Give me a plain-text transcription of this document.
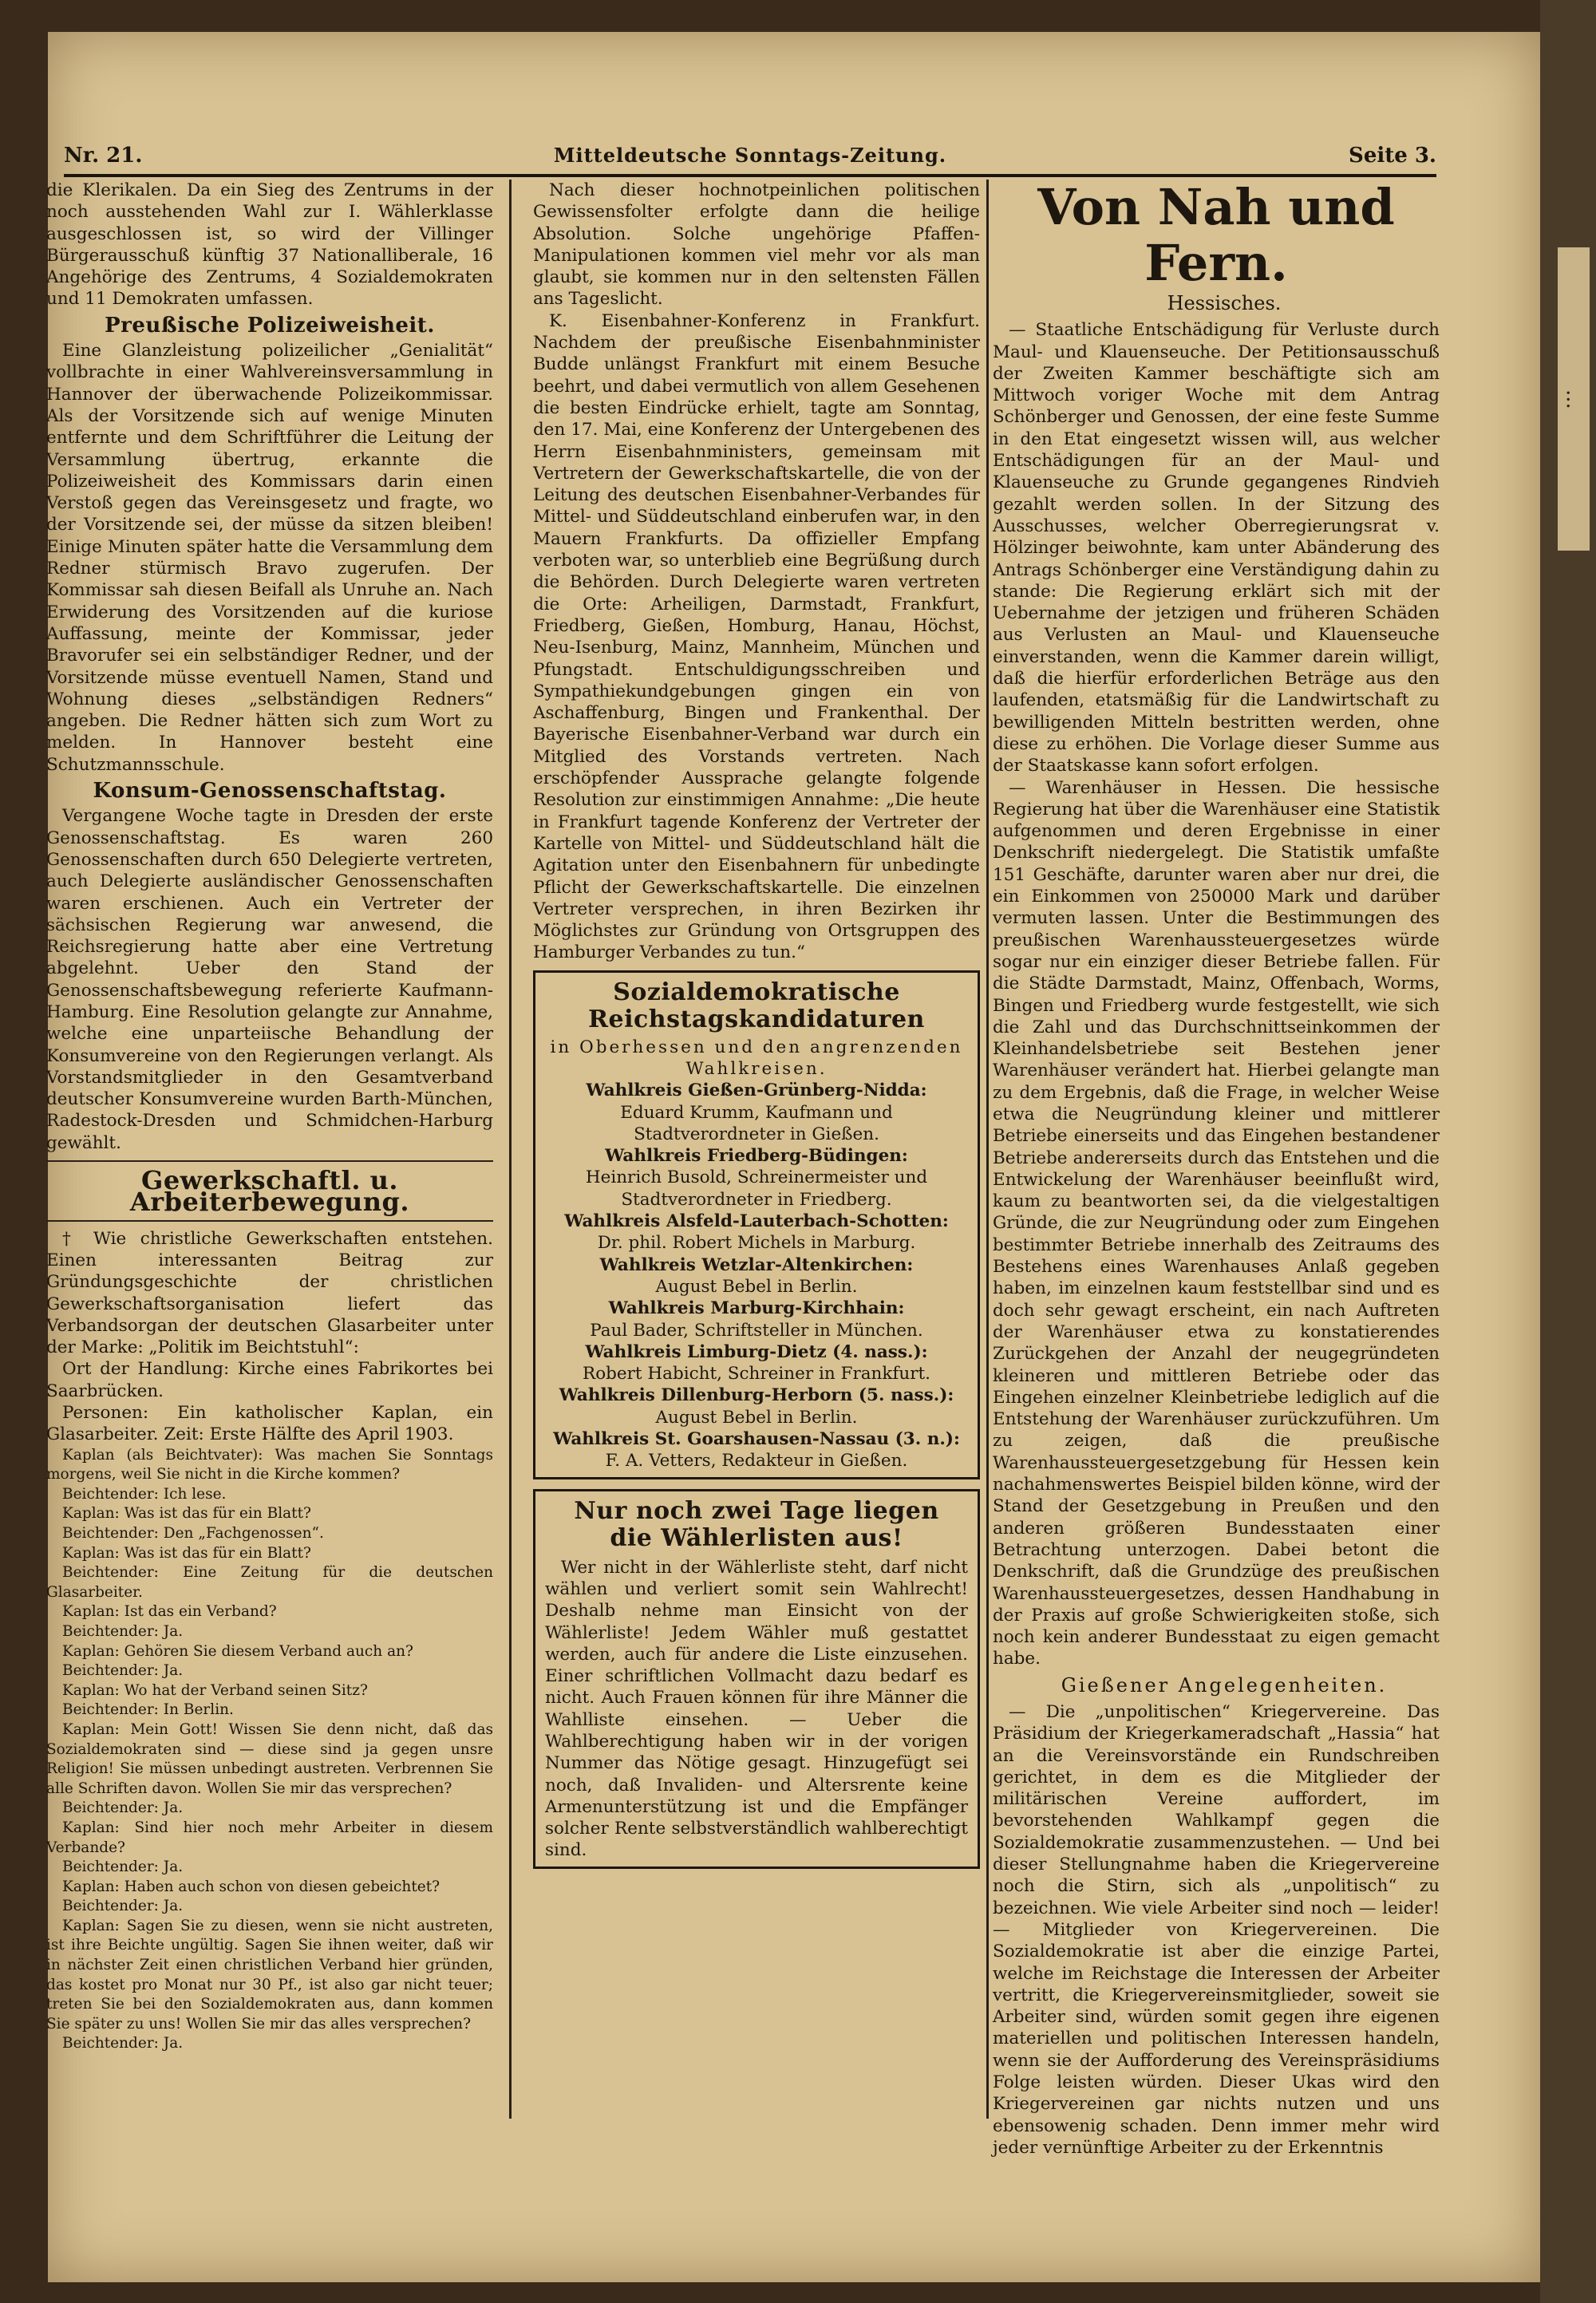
...
Nr. 21.	Mitteldeutsche Sonntags-Zeitung.	Seite 3.

die Klerikalen. Da ein Sieg des Zentrums in der noch ausstehenden Wahl zur I. Wählerklasse ausgeschlossen ist, so wird der Villinger Bürgerausschuß künftig 37 Nationalliberale, 16 Angehörige des Zentrums, 4 Sozialdemokraten und 11 Demokraten umfassen.

Preußische Polizeiweisheit.

Eine Glanzleistung polizeilicher „Genialität“ vollbrachte in einer Wahlvereinsversammlung in Hannover der überwachende Polizeikommissar. Als der Vorsitzende sich auf wenige Minuten entfernte und dem Schriftführer die Leitung der Versammlung übertrug, erkannte die Polizeiweisheit des Kommissars darin einen Verstoß gegen das Vereinsgesetz und fragte, wo der Vorsitzende sei, der müsse da sitzen bleiben! Einige Minuten später hatte die Versammlung dem Redner stürmisch Bravo zugerufen. Der Kommissar sah diesen Beifall als Unruhe an. Nach Erwiderung des Vorsitzenden auf die kuriose Auffassung, meinte der Kommissar, jeder Bravorufer sei ein selbständiger Redner, und der Vorsitzende müsse eventuell Namen, Stand und Wohnung dieses „selbständigen Redners“ angeben. Die Redner hätten sich zum Wort zu melden. In Hannover besteht eine Schutzmannsschule.

Konsum-Genossenschaftstag.

Vergangene Woche tagte in Dresden der erste Genossenschaftstag. Es waren 260 Genossenschaften durch 650 Delegierte vertreten, auch Delegierte ausländischer Genossenschaften waren erschienen. Auch ein Vertreter der sächsischen Regierung war anwesend, die Reichsregierung hatte aber eine Vertretung abgelehnt. Ueber den Stand der Genossenschaftsbewegung referierte Kaufmann-Hamburg. Eine Resolution gelangte zur Annahme, welche eine unparteiische Behandlung der Konsumvereine von den Regierungen verlangt. Als Vorstandsmitglieder in den Gesamtverband deutscher Konsumvereine wurden Barth-München, Radestock-Dresden und Schmidchen-Harburg gewählt.

Gewerkschaftl. u. Arbeiterbewegung.

† Wie christliche Gewerkschaften entstehen. Einen interessanten Beitrag zur Gründungsgeschichte der christlichen Gewerkschaftsorganisation liefert das Verbandsorgan der deutschen Glasarbeiter unter der Marke: „Politik im Beichtstuhl“:

Ort der Handlung: Kirche eines Fabrikortes bei Saarbrücken.

Personen: Ein katholischer Kaplan, ein Glasarbeiter. Zeit: Erste Hälfte des April 1903.

Kaplan (als Beichtvater): Was machen Sie Sonntags morgens, weil Sie nicht in die Kirche kommen?

Beichtender: Ich lese.

Kaplan: Was ist das für ein Blatt?

Beichtender: Den „Fachgenossen“.

Kaplan: Was ist das für ein Blatt?

Beichtender: Eine Zeitung für die deutschen Glasarbeiter.

Kaplan: Ist das ein Verband?

Beichtender: Ja.

Kaplan: Gehören Sie diesem Verband auch an?

Beichtender: Ja.

Kaplan: Wo hat der Verband seinen Sitz?

Beichtender: In Berlin.

Kaplan: Mein Gott! Wissen Sie denn nicht, daß das Sozialdemokraten sind — diese sind ja gegen unsre Religion! Sie müssen unbedingt austreten. Verbrennen Sie alle Schriften davon. Wollen Sie mir das versprechen?

Beichtender: Ja.

Kaplan: Sind hier noch mehr Arbeiter in diesem Verbande?

Beichtender: Ja.

Kaplan: Haben auch schon von diesen gebeichtet?

Beichtender: Ja.

Kaplan: Sagen Sie zu diesen, wenn sie nicht austreten, ist ihre Beichte ungültig. Sagen Sie ihnen weiter, daß wir in nächster Zeit einen christlichen Verband hier gründen, das kostet pro Monat nur 30 Pf., ist also gar nicht teuer; treten Sie bei den Sozialdemokraten aus, dann kommen Sie später zu uns! Wollen Sie mir das alles versprechen?

Beichtender: Ja.

Nach dieser hochnotpeinlichen politischen Gewissensfolter erfolgte dann die heilige Absolution. Solche ungehörige Pfaffen-Manipulationen kommen viel mehr vor als man glaubt, sie kommen nur in den seltensten Fällen ans Tageslicht.

K. Eisenbahner-Konferenz in Frankfurt. Nachdem der preußische Eisenbahnminister Budde unlängst Frankfurt mit einem Besuche beehrt, und dabei vermutlich von allem Gesehenen die besten Eindrücke erhielt, tagte am Sonntag, den 17. Mai, eine Konferenz der Untergebenen des Herrn Eisenbahnministers, gemeinsam mit Vertretern der Gewerkschaftskartelle, die von der Leitung des deutschen Eisenbahner-Verbandes für Mittel- und Süddeutschland einberufen war, in den Mauern Frankfurts. Da offizieller Empfang verboten war, so unterblieb eine Begrüßung durch die Behörden. Durch Delegierte waren vertreten die Orte: Arheiligen, Darmstadt, Frankfurt, Friedberg, Gießen, Homburg, Hanau, Höchst, Neu-Isenburg, Mainz, Mannheim, München und Pfungstadt. Entschuldigungsschreiben und Sympathiekundgebungen gingen ein von Aschaffenburg, Bingen und Frankenthal. Der Bayerische Eisenbahner-Verband war durch ein Mitglied des Vorstands vertreten. Nach erschöpfender Aussprache gelangte folgende Resolution zur einstimmigen Annahme: „Die heute in Frankfurt tagende Konferenz der Vertreter der Kartelle von Mittel- und Süddeutschland hält die Agitation unter den Eisenbahnern für unbedingte Pflicht der Gewerkschaftskartelle. Die einzelnen Vertreter versprechen, in ihren Bezirken ihr Möglichstes zur Gründung von Ortsgruppen des Hamburger Verbandes zu tun.“

Sozialdemokratische
Reichstagskandidaturen

in Oberhessen und den angrenzenden Wahlkreisen.

Wahlkreis Gießen-Grünberg-Nidda:

Eduard Krumm, Kaufmann und Stadtverordneter in Gießen.

Wahlkreis Friedberg-Büdingen:

Heinrich Busold, Schreinermeister und Stadtverordneter in Friedberg.

Wahlkreis Alsfeld-Lauterbach-Schotten:

Dr. phil. Robert Michels in Marburg.

Wahlkreis Wetzlar-Altenkirchen:

August Bebel in Berlin.

Wahlkreis Marburg-Kirchhain:

Paul Bader, Schriftsteller in München.

Wahlkreis Limburg-Dietz (4. nass.):

Robert Habicht, Schreiner in Frankfurt.

Wahlkreis Dillenburg-Herborn (5. nass.):

August Bebel in Berlin.

Wahlkreis St. Goarshausen-Nassau (3. n.):

F. A. Vetters, Redakteur in Gießen.

Nur noch zwei Tage liegen
die Wählerlisten aus!

Wer nicht in der Wählerliste steht, darf nicht wählen und verliert somit sein Wahlrecht! Deshalb nehme man Einsicht von der Wählerliste! Jedem Wähler muß gestattet werden, auch für andere die Liste einzusehen. Einer schriftlichen Vollmacht dazu bedarf es nicht. Auch Frauen können für ihre Männer die Wahlliste einsehen. — Ueber die Wahlberechtigung haben wir in der vorigen Nummer das Nötige gesagt. Hinzugefügt sei noch, daß Invaliden- und Altersrente keine Armenunterstützung ist und die Empfänger solcher Rente selbstverständlich wahlberechtigt sind.

Von Nah und Fern.

Hessisches.

— Staatliche Entschädigung für Verluste durch Maul- und Klauenseuche. Der Petitionsausschuß der Zweiten Kammer beschäftigte sich am Mittwoch voriger Woche mit dem Antrag Schönberger und Genossen, der eine feste Summe in den Etat eingesetzt wissen will, aus welcher Entschädigungen für an der Maul- und Klauenseuche zu Grunde gegangenes Rindvieh gezahlt werden sollen. In der Sitzung des Ausschusses, welcher Oberregierungsrat v. Hölzinger beiwohnte, kam unter Abänderung des Antrags Schönberger eine Verständigung dahin zu stande: Die Regierung erklärt sich mit der Uebernahme der jetzigen und früheren Schäden aus Verlusten an Maul- und Klauenseuche einverstanden, wenn die Kammer darein willigt, daß die hierfür erforderlichen Beträge aus den laufenden, etatsmäßig für die Landwirtschaft zu bewilligenden Mitteln bestritten werden, ohne diese zu erhöhen. Die Vorlage dieser Summe aus der Staatskasse kann sofort erfolgen.

— Warenhäuser in Hessen. Die hessische Regierung hat über die Warenhäuser eine Statistik aufgenommen und deren Ergebnisse in einer Denkschrift niedergelegt. Die Statistik umfaßte 151 Geschäfte, darunter waren aber nur drei, die ein Einkommen von 250000 Mark und darüber vermuten lassen. Unter die Bestimmungen des preußischen Warenhaussteuergesetzes würde sogar nur ein einziger dieser Betriebe fallen. Für die Städte Darmstadt, Mainz, Offenbach, Worms, Bingen und Friedberg wurde festgestellt, wie sich die Zahl und das Durchschnittseinkommen der Kleinhandelsbetriebe seit Bestehen jener Warenhäuser verändert hat. Hierbei gelangte man zu dem Ergebnis, daß die Frage, in welcher Weise etwa die Neugründung kleiner und mittlerer Betriebe einerseits und das Eingehen bestandener Betriebe andererseits durch das Entstehen und die Entwickelung der Warenhäuser beeinflußt wird, kaum zu beantworten sei, da die vielgestaltigen Gründe, die zur Neugründung oder zum Eingehen bestimmter Betriebe innerhalb des Zeitraums des Bestehens eines Warenhauses Anlaß gegeben haben, im einzelnen kaum feststellbar sind und es doch sehr gewagt erscheint, ein nach Auftreten der Warenhäuser etwa zu konstatierendes Zurückgehen der Anzahl der neugegründeten kleineren und mittleren Betriebe oder das Eingehen einzelner Kleinbetriebe lediglich auf die Entstehung der Warenhäuser zurückzuführen. Um zu zeigen, daß die preußische Warenhaussteuergesetzgebung für Hessen kein nachahmenswertes Beispiel bilden könne, wird der Stand der Gesetzgebung in Preußen und den anderen größeren Bundesstaaten einer Betrachtung unterzogen. Dabei betont die Denkschrift, daß die Grundzüge des preußischen Warenhaussteuergesetzes, dessen Handhabung in der Praxis auf große Schwierigkeiten stoße, sich noch kein anderer Bundesstaat zu eigen gemacht habe.

Gießener Angelegenheiten.

— Die „unpolitischen“ Kriegervereine. Das Präsidium der Kriegerkameradschaft „Hassia“ hat an die Vereinsvorstände ein Rundschreiben gerichtet, in dem es die Mitglieder der militärischen Vereine auffordert, im bevorstehenden Wahlkampf gegen die Sozialdemokratie zusammenzustehen. — Und bei dieser Stellungnahme haben die Kriegervereine noch die Stirn, sich als „unpolitisch“ zu bezeichnen. Wie viele Arbeiter sind noch — leider! — Mitglieder von Kriegervereinen. Die Sozialdemokratie ist aber die einzige Partei, welche im Reichstage die Interessen der Arbeiter vertritt, die Kriegervereinsmitglieder, soweit sie Arbeiter sind, würden somit gegen ihre eigenen materiellen und politischen Interessen handeln, wenn sie der Aufforderung des Vereinspräsidiums Folge leisten würden. Dieser Ukas wird den Kriegervereinen gar nichts nutzen und uns ebensowenig schaden. Denn immer mehr wird jeder vernünftige Arbeiter zu der Erkenntnis
